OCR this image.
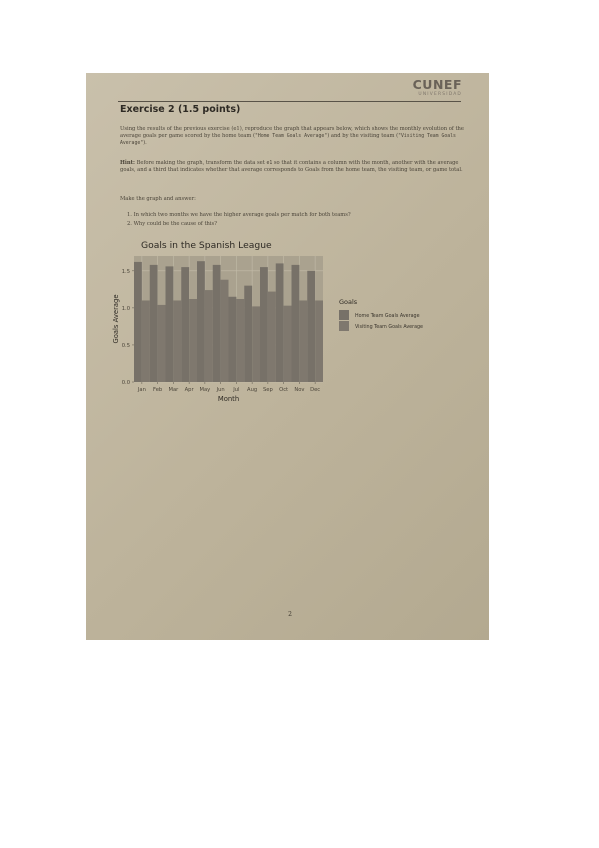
CUNEF
UNIVERSIDAD
Exercise 2 (1.5 points)
Using the results of the previous exercise (e1), reproduce the graph that appears below, which shows the monthly evolution of the average goals per game scored by the home team ("Home Team Goals Average") and by the visiting team ("Visiting Team Goals Average").
Hint: Before making the graph, transform the data set e1 so that it contains a column with the month, another with the average goals, and a third that indicates whether that average corresponds to Goals from the home team, the visiting team, or game total.
Make the graph and answer:
1. In which two months we have the higher average goals per match for both teams?
2. Why could be the cause of this?
Goals in the Spanish League
0.0
0.5
1.0
1.5
Jan Feb Mar Apr May Jun Jul Aug Sep Oct Nov Dec
Month
Goals Average	Goals
Home Team Goals Average
Visiting Team Goals Average
2
